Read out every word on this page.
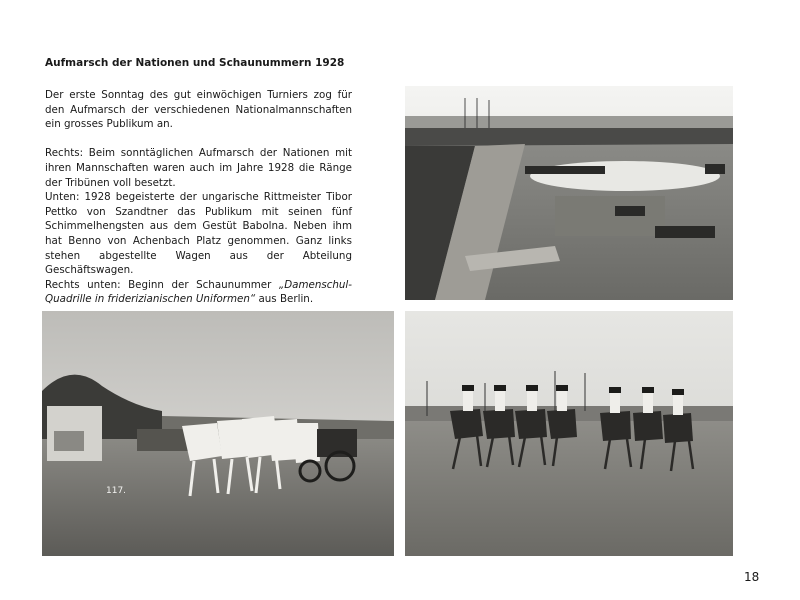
Aufmarsch der Nationen und Schaunummern 1928

Der erste Sonntag des gut einwöchigen Turniers zog für den Aufmarsch der verschiedenen Nationalmannschaften ein grosses Publikum an.

Rechts: Beim sonntäglichen Aufmarsch der Nationen mit ihren Mannschaften waren auch im Jahre 1928 die Ränge der Tribünen voll besetzt.

Unten: 1928 begeisterte der ungarische Rittmeister Tibor Pettko von Szandtner das Publikum mit seinen fünf Schimmelhengsten aus dem Gestüt Babolna. Neben ihm hat Benno von Achenbach Platz genommen. Ganz links stehen abgestellte Wagen aus der Abteilung Geschäftswagen.

Rechts unten: Beginn der Schaunummer „Damenschul-Quadrille in friderizianischen Uniformen“ aus Berlin.

117.
18
